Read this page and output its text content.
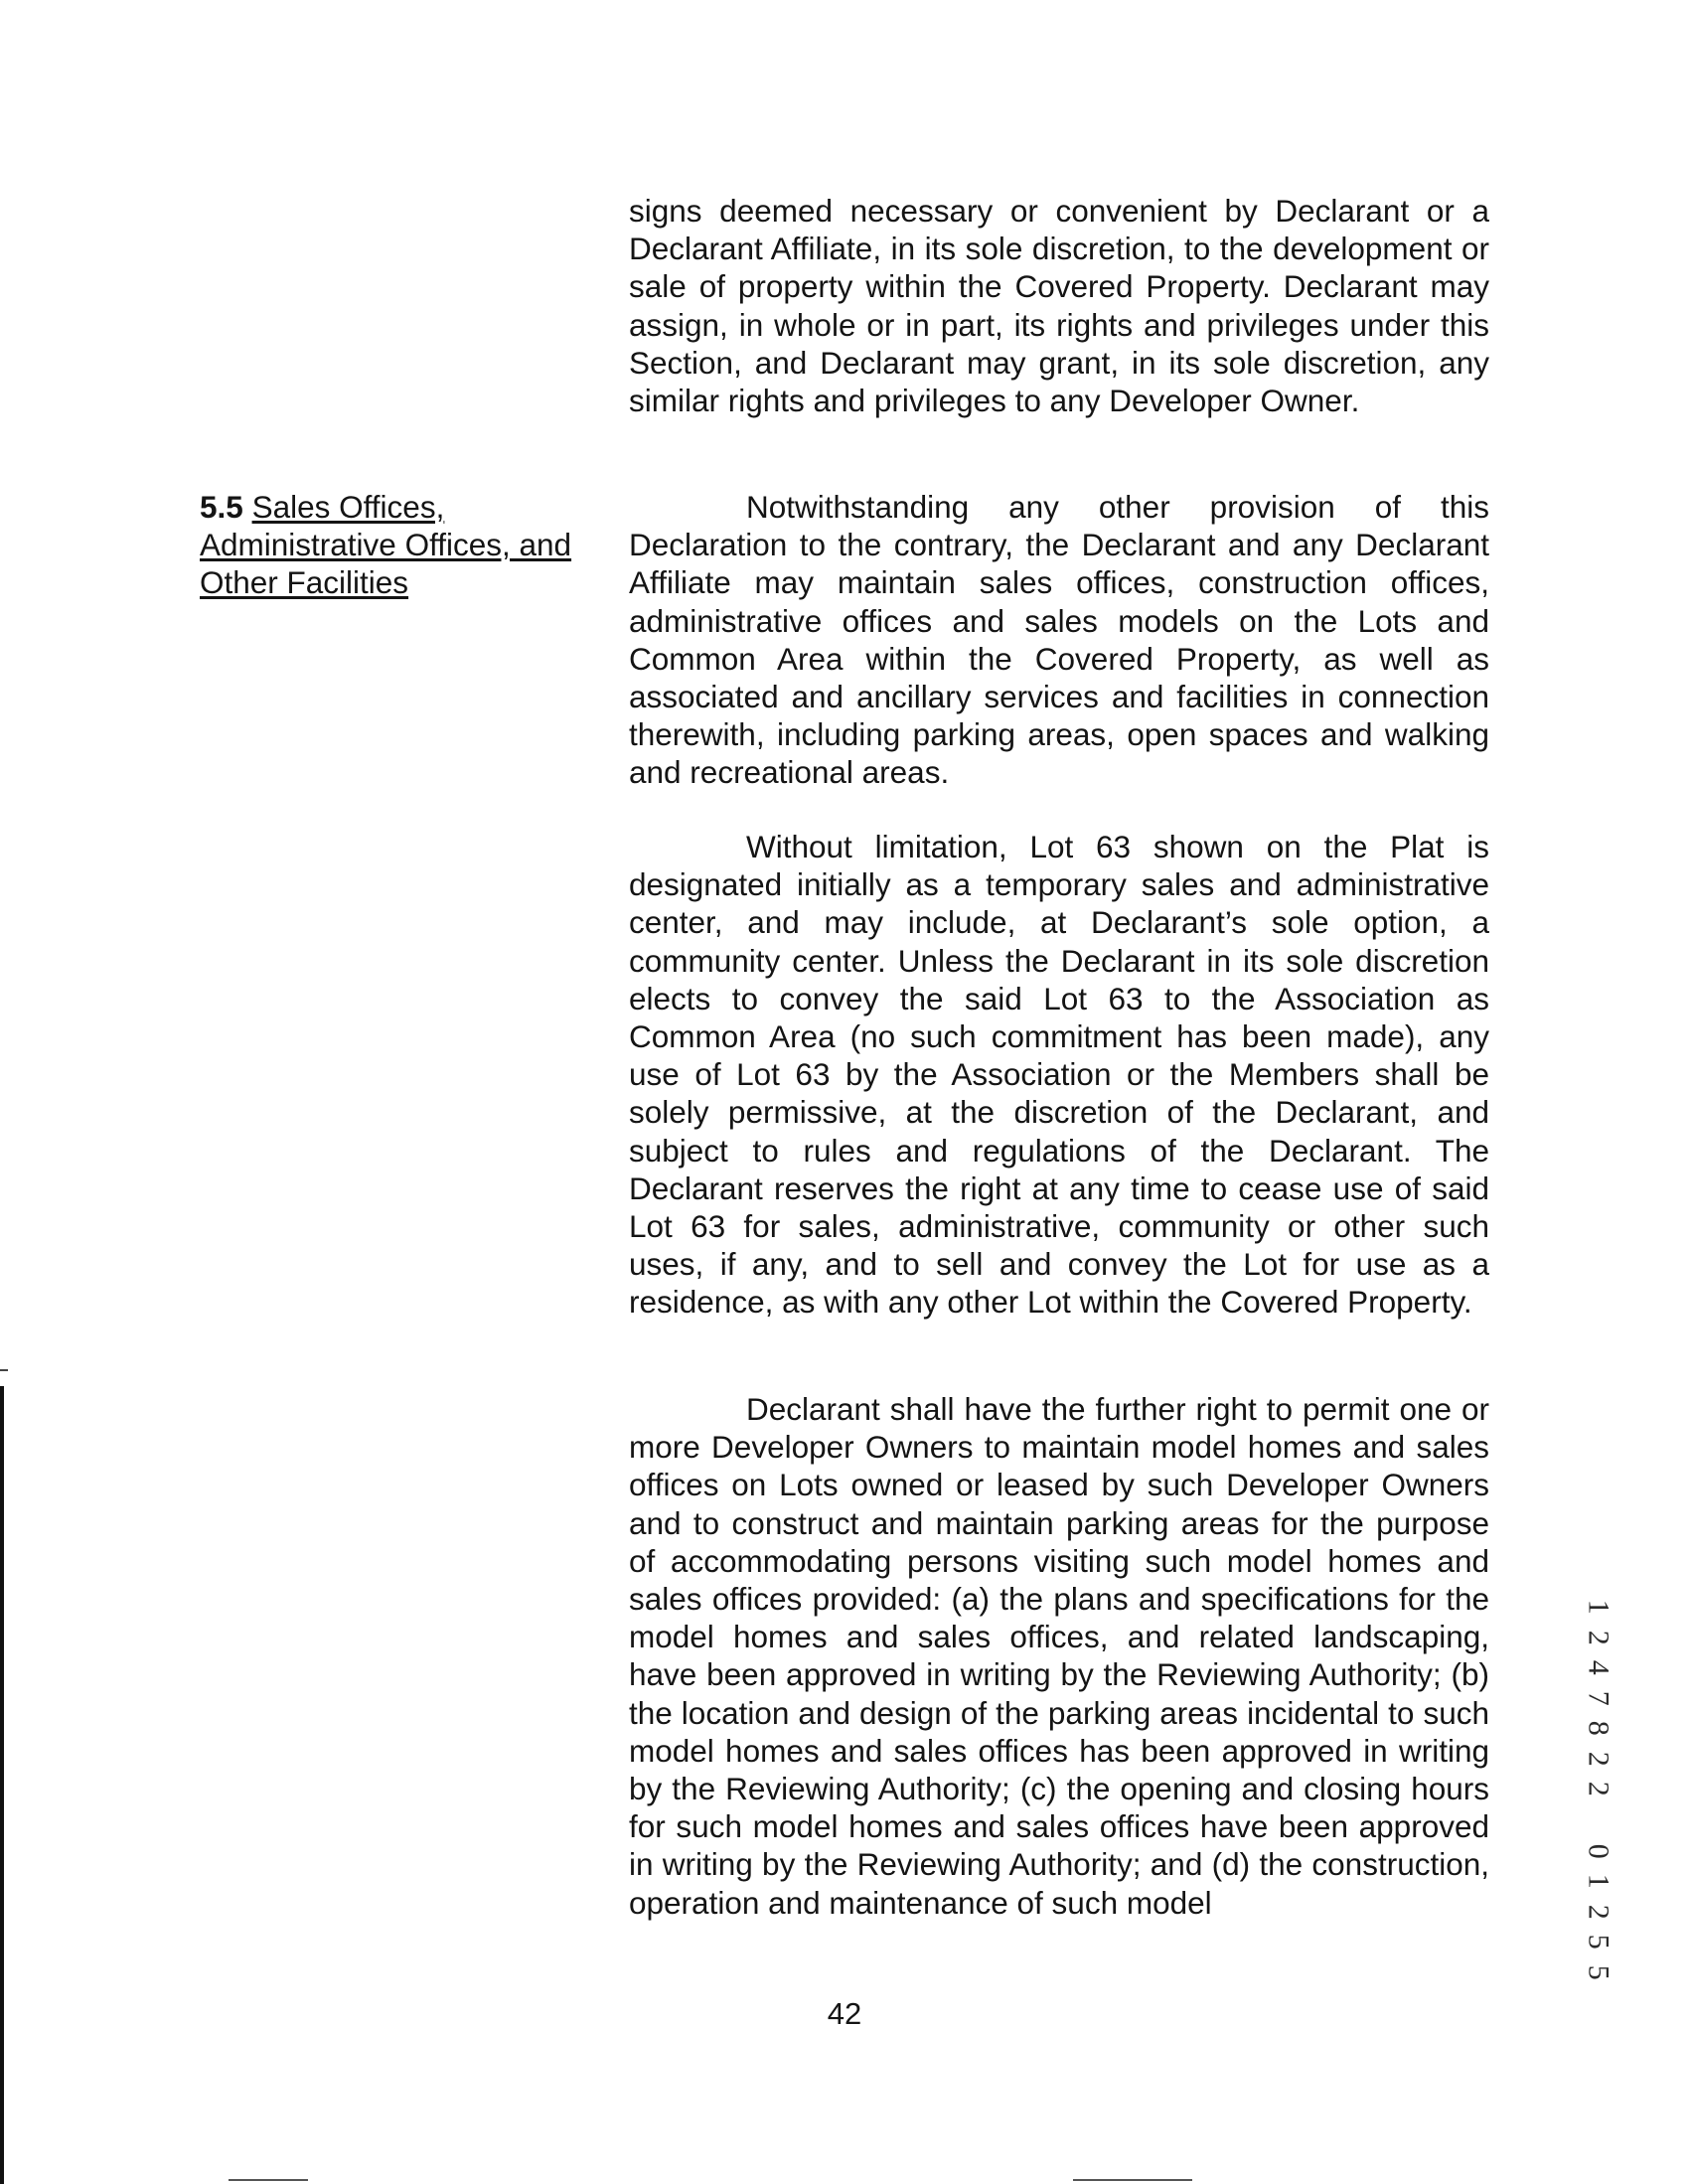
signs deemed necessary or convenient by Declarant or a Declarant Affiliate, in its sole discretion, to the development or sale of property within the Covered Property. Declarant may assign, in whole or in part, its rights and privileges under this Section, and Declarant may grant, in its sole discretion, any similar rights and privileges to any Developer Owner.

5.5 Sales Offices, Administrative Offices, and Other Facilities

Notwithstanding any other provision of this Declaration to the contrary, the Declarant and any Declarant Affiliate may maintain sales offices, construction offices, administrative offices and sales models on the Lots and Common Area within the Covered Property, as well as associated and ancillary services and facilities in connection therewith, including parking areas, open spaces and walking and recreational areas.

Without limitation, Lot 63 shown on the Plat is designated initially as a temporary sales and administrative center, and may include, at Declarant’s sole option, a community center. Unless the Declarant in its sole discretion elects to convey the said Lot 63 to the Association as Common Area (no such commitment has been made), any use of Lot 63 by the Association or the Members shall be solely permissive, at the discretion of the Declarant, and subject to rules and regulations of the Declarant. The Declarant reserves the right at any time to cease use of said Lot 63 for sales, administrative, community or other such uses, if any, and to sell and convey the Lot for use as a residence, as with any other Lot within the Covered Property.

Declarant shall have the further right to permit one or more Developer Owners to maintain model homes and sales offices on Lots owned or leased by such Developer Owners and to construct and maintain parking areas for the purpose of accommodating persons visiting such model homes and sales offices provided: (a) the plans and specifications for the model homes and sales offices, and related landscaping, have been approved in writing by the Reviewing Authority; (b) the location and design of the parking areas incidental to such model homes and sales offices has been approved in writing by the Reviewing Authority; (c) the opening and closing hours for such model homes and sales offices have been approved in writing by the Reviewing Authority; and (d) the construction, operation and maintenance of such model

42
1
2
4
7
8
2
2
0
1
2
5
5
